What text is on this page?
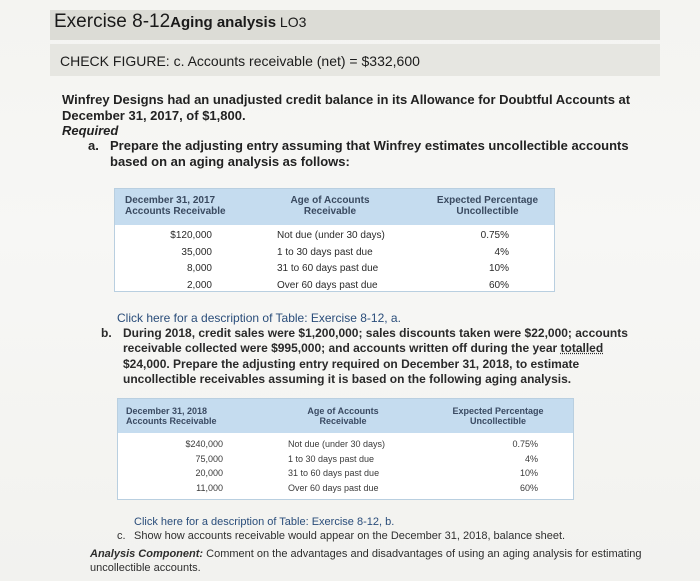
Exercise 8-12Aging analysis LO3
CHECK FIGURE: c. Accounts receivable (net) = $332,600
Winfrey Designs had an unadjusted credit balance in its Allowance for Doubtful Accounts at December 31, 2017, of $1,800.
Required
a. Prepare the adjusting entry assuming that Winfrey estimates uncollectible accounts based on an aging analysis as follows:
December 31, 2017
Accounts Receivable
Age of Accounts
Receivable
Expected Percentage
Uncollectible
$120,000
35,000
8,000
2,000
Not due (under 30 days)
1 to 30 days past due
31 to 60 days past due
Over 60 days past due
0.75%
4%
10%
60%
Click here for a description of Table: Exercise 8-12, a.
b. During 2018, credit sales were $1,200,000; sales discounts taken were $22,000; accounts receivable collected were $995,000; and accounts written off during the year totalled $24,000. Prepare the adjusting entry required on December 31, 2018, to estimate uncollectible receivables assuming it is based on the following aging analysis.
December 31, 2018
Accounts Receivable
Age of Accounts
Receivable
Expected Percentage
Uncollectible
$240,000
75,000
20,000
11,000
Not due (under 30 days)
1 to 30 days past due
31 to 60 days past due
Over 60 days past due
0.75%
4%
10%
60%
Click here for a description of Table: Exercise 8-12, b.
c. Show how accounts receivable would appear on the December 31, 2018, balance sheet.
Analysis Component: Comment on the advantages and disadvantages of using an aging analysis for estimating uncollectible accounts.
